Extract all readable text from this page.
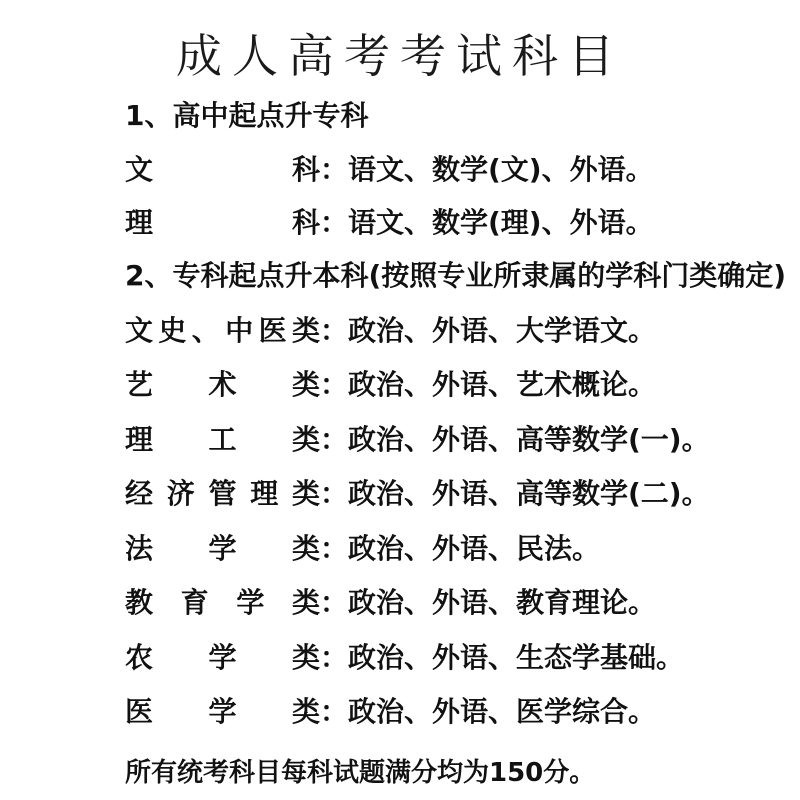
成人高考考试科目
1、高中起点升专科
文科：语文、数学(文)、外语。
理科：语文、数学(理)、外语。
2、专科起点升本科(按照专业所隶属的学科门类确定)
文史、中医类：政治、外语、大学语文。
艺术类：政治、外语、艺术概论。
理工类：政治、外语、高等数学(一)。
经济管理类：政治、外语、高等数学(二)。
法学类：政治、外语、民法。
教育学类：政治、外语、教育理论。
农学类：政治、外语、生态学基础。
医学类：政治、外语、医学综合。
所有统考科目每科试题满分均为150分。
